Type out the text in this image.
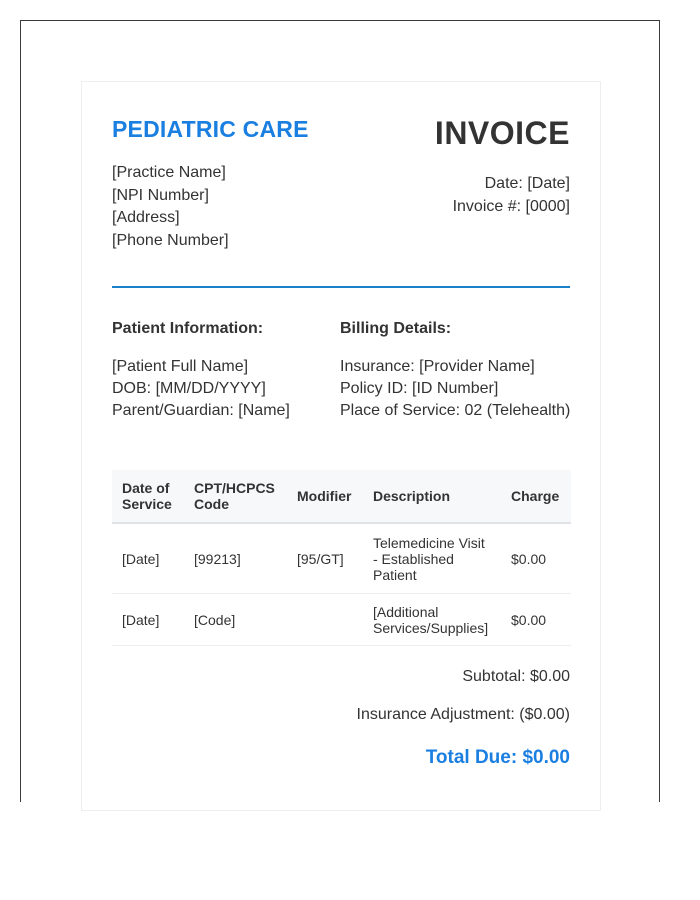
PEDIATRIC CARE
[Practice Name]
[NPI Number]
[Address]
[Phone Number]
INVOICE
Date: [Date]
Invoice #: [0000]
Patient Information:
[Patient Full Name]
DOB: [MM/DD/YYYY]
Parent/Guardian: [Name]
Billing Details:
Insurance: [Provider Name]
Policy ID: [ID Number]
Place of Service: 02 (Telehealth)
Date of Service	CPT/HCPCS Code	Modifier	Description	Charge
[Date]	[99213]	[95/GT]	Telemedicine Visit - Established Patient	$0.00
[Date]	[Code]		[Additional Services/Supplies]	$0.00
Subtotal: $0.00
Insurance Adjustment: ($0.00)
Total Due: $0.00
